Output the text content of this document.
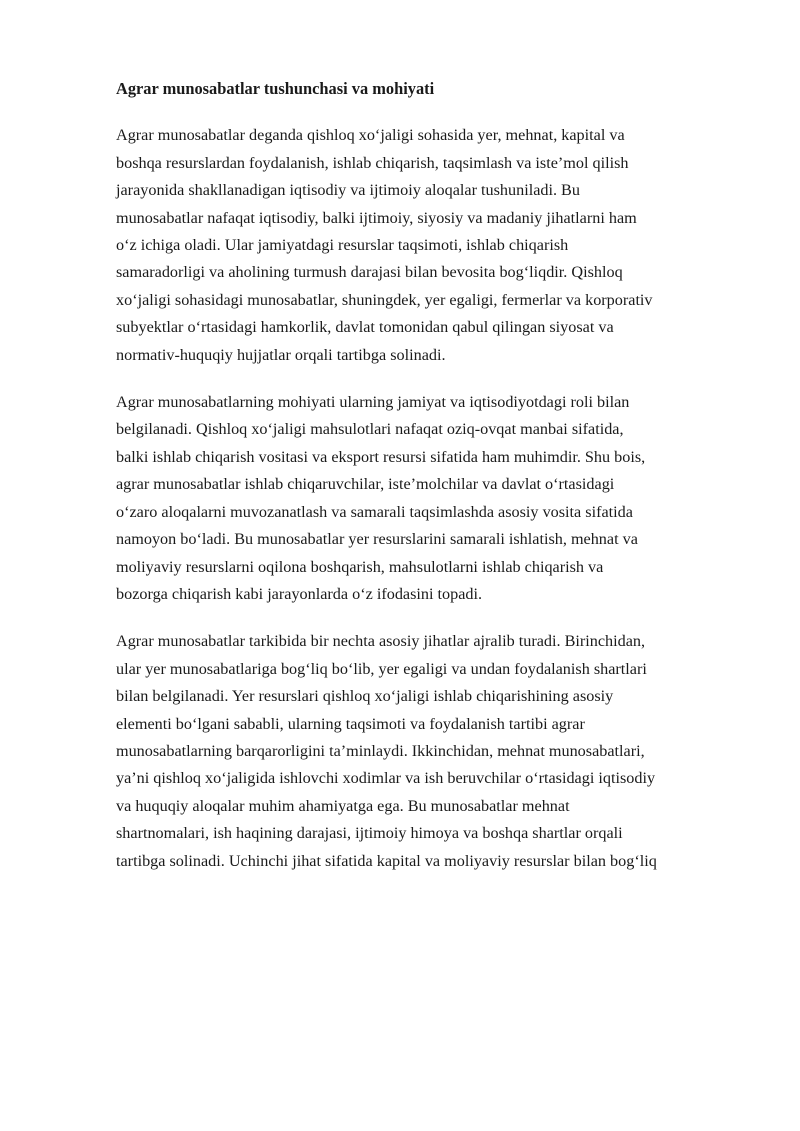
Agrar munosabatlar tushunchasi va mohiyati
Agrar munosabatlar deganda qishloq xo‘jaligi sohasida yer, mehnat, kapital va
boshqa resurslardan foydalanish, ishlab chiqarish, taqsimlash va iste’mol qilish
jarayonida shakllanadigan iqtisodiy va ijtimoiy aloqalar tushuniladi. Bu
munosabatlar nafaqat iqtisodiy, balki ijtimoiy, siyosiy va madaniy jihatlarni ham
o‘z ichiga oladi. Ular jamiyatdagi resurslar taqsimoti, ishlab chiqarish
samaradorligi va aholining turmush darajasi bilan bevosita bog‘liqdir. Qishloq
xo‘jaligi sohasidagi munosabatlar, shuningdek, yer egaligi, fermerlar va korporativ
subyektlar o‘rtasidagi hamkorlik, davlat tomonidan qabul qilingan siyosat va
normativ-huquqiy hujjatlar orqali tartibga solinadi.
Agrar munosabatlarning mohiyati ularning jamiyat va iqtisodiyotdagi roli bilan
belgilanadi. Qishloq xo‘jaligi mahsulotlari nafaqat oziq-ovqat manbai sifatida,
balki ishlab chiqarish vositasi va eksport resursi sifatida ham muhimdir. Shu bois,
agrar munosabatlar ishlab chiqaruvchilar, iste’molchilar va davlat o‘rtasidagi
o‘zaro aloqalarni muvozanatlash va samarali taqsimlashda asosiy vosita sifatida
namoyon bo‘ladi. Bu munosabatlar yer resurslarini samarali ishlatish, mehnat va
moliyaviy resurslarni oqilona boshqarish, mahsulotlarni ishlab chiqarish va
bozorga chiqarish kabi jarayonlarda o‘z ifodasini topadi.
Agrar munosabatlar tarkibida bir nechta asosiy jihatlar ajralib turadi. Birinchidan,
ular yer munosabatlariga bog‘liq bo‘lib, yer egaligi va undan foydalanish shartlari
bilan belgilanadi. Yer resurslari qishloq xo‘jaligi ishlab chiqarishining asosiy
elementi bo‘lgani sababli, ularning taqsimoti va foydalanish tartibi agrar
munosabatlarning barqarorligini ta’minlaydi. Ikkinchidan, mehnat munosabatlari,
ya’ni qishloq xo‘jaligida ishlovchi xodimlar va ish beruvchilar o‘rtasidagi iqtisodiy
va huquqiy aloqalar muhim ahamiyatga ega. Bu munosabatlar mehnat
shartnomalari, ish haqining darajasi, ijtimoiy himoya va boshqa shartlar orqali
tartibga solinadi. Uchinchi jihat sifatida kapital va moliyaviy resurslar bilan bog‘liq
